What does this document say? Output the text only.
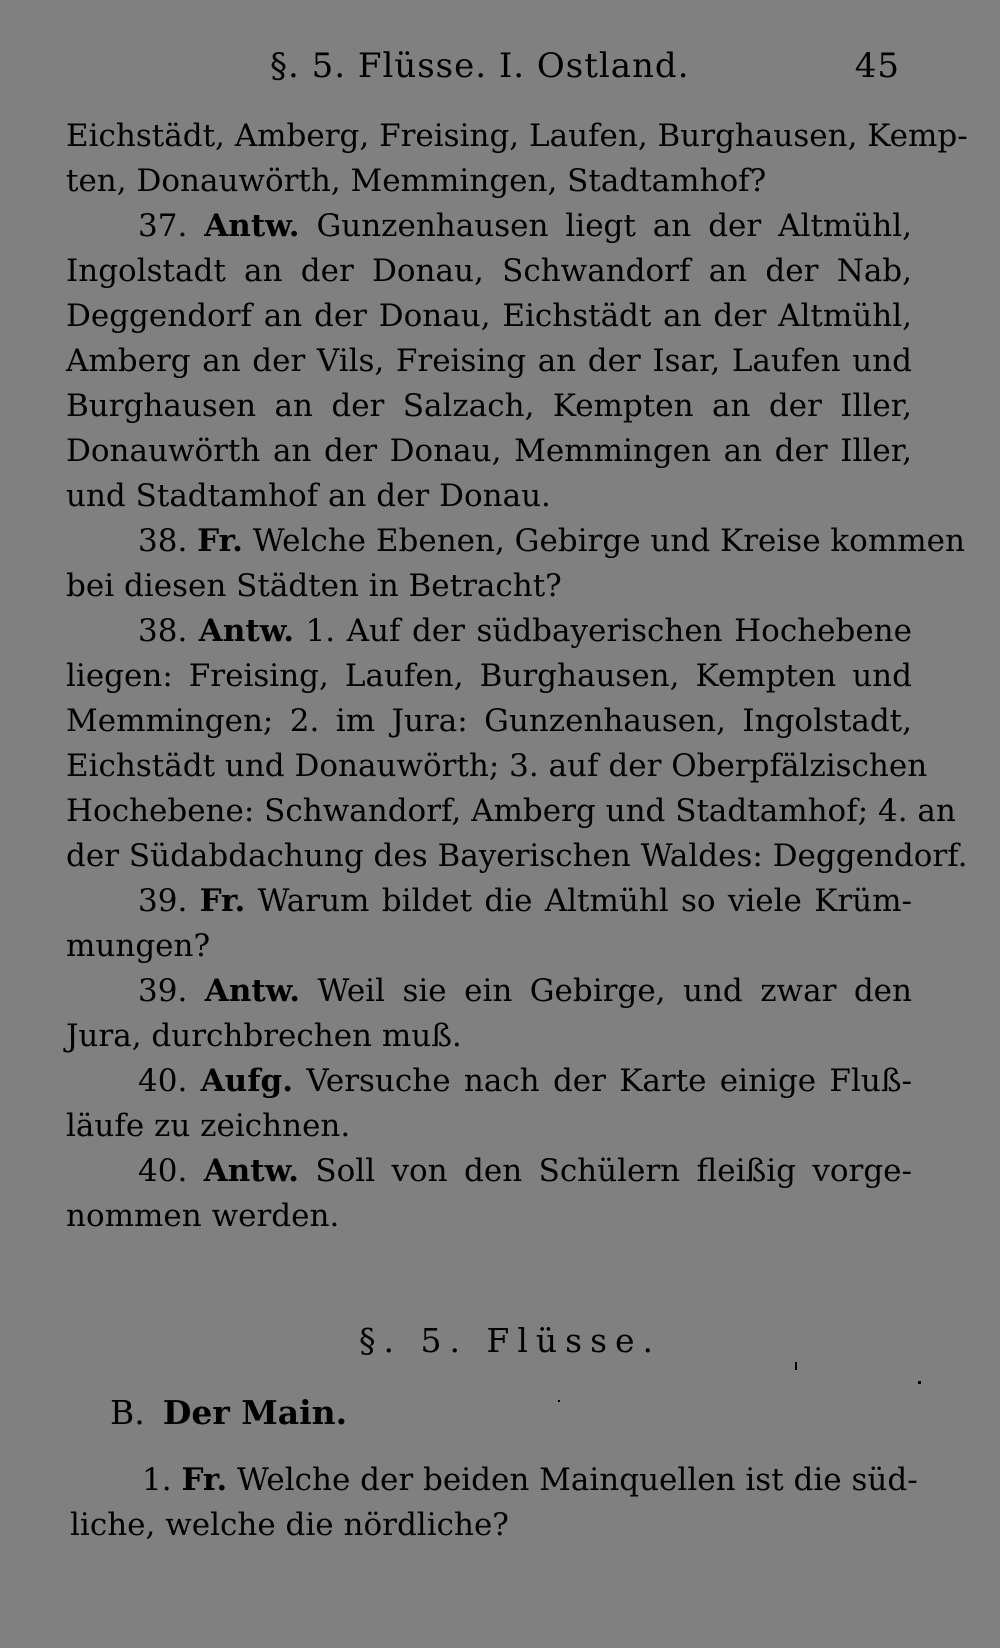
§. 5. Flüsse. I. Ostland.	45
Eichstädt, Amberg, Freising, Laufen, Burghausen, Kemp-
ten, Donauwörth, Memmingen, Stadtamhof?
37. Antw. Gunzenhausen liegt an der Altmühl,
Ingolstadt an der Donau, Schwandorf an der Nab,
Deggendorf an der Donau, Eichstädt an der Altmühl,
Amberg an der Vils, Freising an der Isar, Laufen und
Burghausen an der Salzach, Kempten an der Iller,
Donauwörth an der Donau, Memmingen an der Iller,
und Stadtamhof an der Donau.
38. Fr. Welche Ebenen, Gebirge und Kreise kommen
bei diesen Städten in Betracht?
38. Antw. 1. Auf der südbayerischen Hochebene
liegen: Freising, Laufen, Burghausen, Kempten und
Memmingen; 2. im Jura: Gunzenhausen, Ingolstadt,
Eichstädt und Donauwörth; 3. auf der Oberpfälzischen
Hochebene: Schwandorf, Amberg und Stadtamhof; 4. an
der Südabdachung des Bayerischen Waldes: Deggendorf.
39. Fr. Warum bildet die Altmühl so viele Krüm-
mungen?
39. Antw. Weil sie ein Gebirge, und zwar den
Jura, durchbrechen muß.
40. Aufg. Versuche nach der Karte einige Fluß-
läufe zu zeichnen.
40. Antw. Soll von den Schülern fleißig vorge-
nommen werden.
§. 5. Flüsse.
B. Der Main.
1. Fr. Welche der beiden Mainquellen ist die süd-
liche, welche die nördliche?
